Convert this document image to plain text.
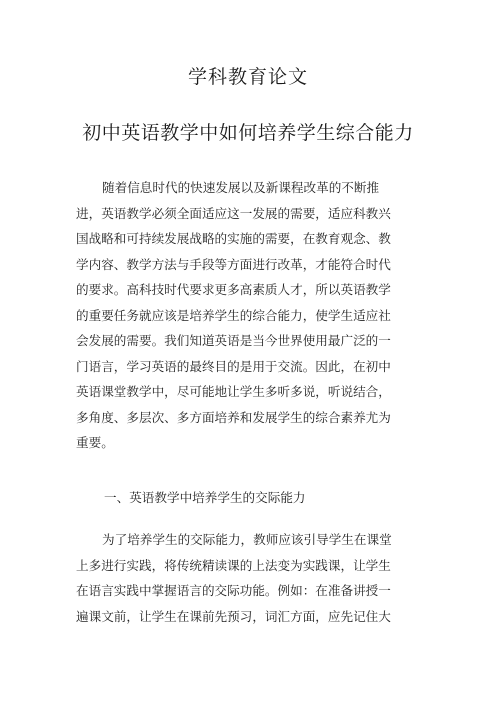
学科教育论文
初中英语教学中如何培养学生综合能力
随着信息时代的快速发展以及新课程改革的不断推
进，英语教学必须全面适应这一发展的需要，适应科教兴
国战略和可持续发展战略的实施的需要，在教育观念、教
学内容、教学方法与手段等方面进行改革，才能符合时代
的要求。高科技时代要求更多高素质人才，所以英语教学
的重要任务就应该是培养学生的综合能力，使学生适应社
会发展的需要。我们知道英语是当今世界使用最广泛的一
门语言，学习英语的最终目的是用于交流。因此，在初中
英语课堂教学中，尽可能地让学生多听多说，听说结合，
多角度、多层次、多方面培养和发展学生的综合素养尤为
重要。
一、英语教学中培养学生的交际能力
为了培养学生的交际能力，教师应该引导学生在课堂
上多进行实践，将传统精读课的上法变为实践课，让学生
在语言实践中掌握语言的交际功能。例如：在准备讲授一
遍课文前，让学生在课前先预习，词汇方面，应先记住大
